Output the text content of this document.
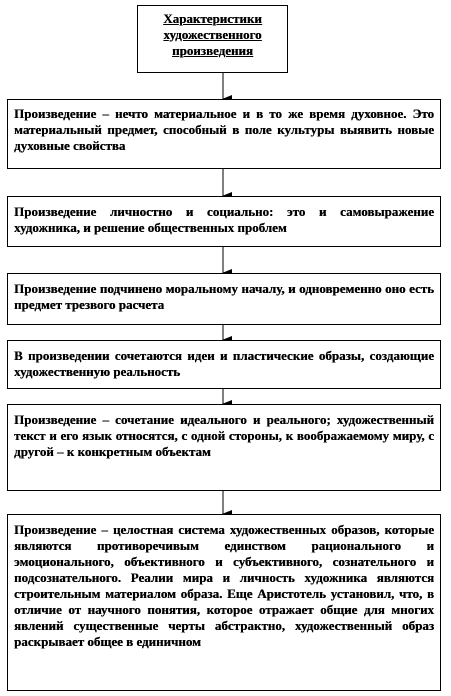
Характеристики художественного произведения
Произведение – нечто материальное и в то же время духовное. Это материальный предмет, способный в поле культуры выявить новые духовные свойства
Произведение личностно и социально: это и самовыражение художника, и решение общественных проблем
Произведение подчинено моральному началу, и одновременно оно есть предмет трезвого расчета
В произведении сочетаются идеи и пластические образы, создающие художественную реальность
Произведение – сочетание идеального и реального; художественный текст и его язык относятся, с одной стороны, к воображаемому миру, с другой – к конкретным объектам
Произведение – целостная система художественных образов, которые являются противоречивым единством рационального и эмоционального, объективного и субъективного, сознательного и подсознательного. Реалии мира и личность художника являются строительным материалом образа. Еще Аристотель установил, что, в отличие от научного понятия, которое отражает общие для многих явлений существенные черты абстрактно, художественный образ раскрывает общее в единичном
